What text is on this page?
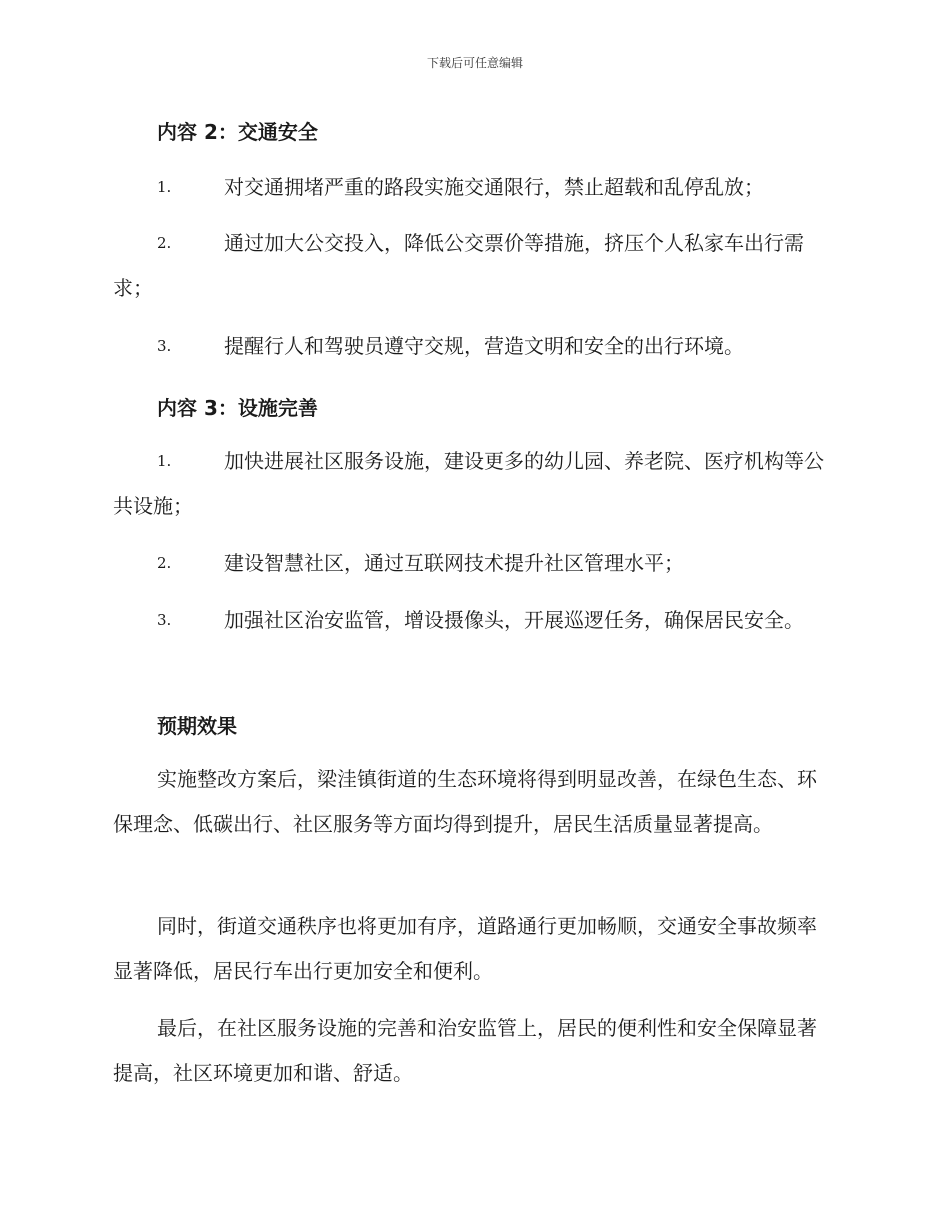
下载后可任意编辑
内容 2：交通安全
1.	对交通拥堵严重的路段实施交通限行，禁止超载和乱停乱放；
2.	通过加大公交投入，降低公交票价等措施，挤压个人私家车出行需求；
3.	提醒行人和驾驶员遵守交规，营造文明和安全的出行环境。
内容 3：设施完善
1.	加快进展社区服务设施，建设更多的幼儿园、养老院、医疗机构等公共设施；
2.	建设智慧社区，通过互联网技术提升社区管理水平；
3.	加强社区治安监管，增设摄像头，开展巡逻任务，确保居民安全。
预期效果
实施整改方案后，梁洼镇街道的生态环境将得到明显改善，在绿色生态、环保理念、低碳出行、社区服务等方面均得到提升，居民生活质量显著提高。
同时，街道交通秩序也将更加有序，道路通行更加畅顺，交通安全事故频率显著降低，居民行车出行更加安全和便利。
最后，在社区服务设施的完善和治安监管上，居民的便利性和安全保障显著提高，社区环境更加和谐、舒适。
